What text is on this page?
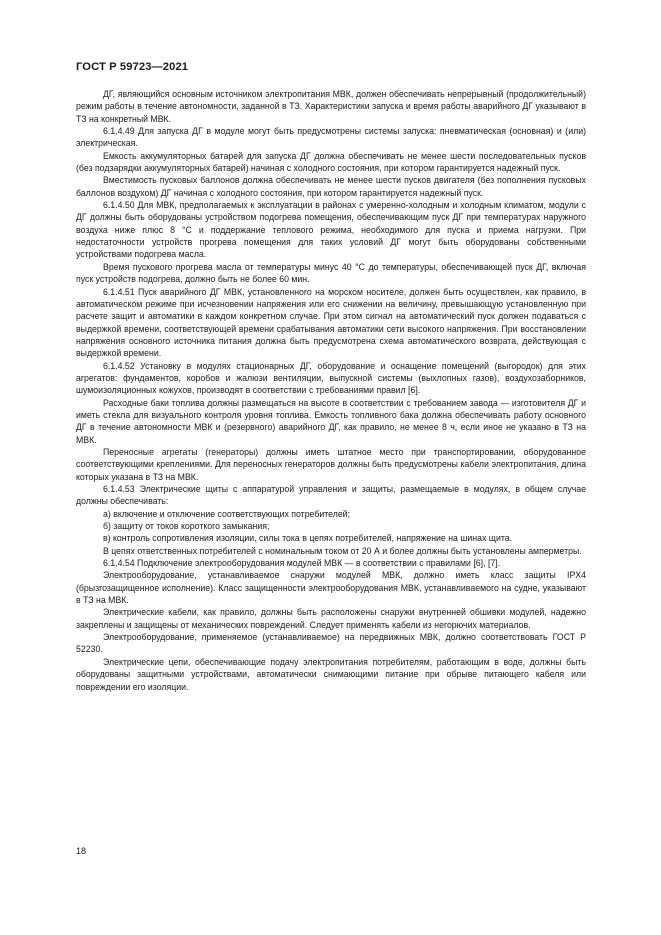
ГОСТ Р 59723—2021

ДГ, являющийся основным источником электропитания МВК, должен обеспечивать непрерывный (продолжительный) режим работы в течение автономности, заданной в ТЗ. Характеристики запуска и время работы аварийного ДГ указывают в ТЗ на конкретный МВК.

6.1.4.49 Для запуска ДГ в модуле могут быть предусмотрены системы запуска: пневматическая (основная) и (или) электрическая.

Емкость аккумуляторных батарей для запуска ДГ должна обеспечивать не менее шести последовательных пусков (без подзарядки аккумуляторных батарей) начиная с холодного состояния, при котором гарантируется надежный пуск.

Вместимость пусковых баллонов должна обеспечивать не менее шести пусков двигателя (без пополнения пусковых баллонов воздухом) ДГ начиная с холодного состояния, при котором гарантируется надежный пуск.

6.1.4.50 Для МВК, предполагаемых к эксплуатации в районах с умеренно-холодным и холодным климатом, модули с ДГ должны быть оборудованы устройством подогрева помещения, обеспечивающим пуск ДГ при температурах наружного воздуха ниже плюс 8 °С и поддержание теплового режима, необходимого для пуска и приема нагрузки. При недостаточности устройств прогрева помещения для таких условий ДГ могут быть оборудованы собственными устройствами подогрева масла.

Время пускового прогрева масла от температуры минус 40 °С до температуры, обеспечивающей пуск ДГ, включая пуск устройств подогрева, должно быть не более 60 мин.

6.1.4.51 Пуск аварийного ДГ МВК, установленного на морском носителе, должен быть осуществлен, как правило, в автоматическом режиме при исчезновении напряжения или его снижении на величину, превышающую установленную при расчете защит и автоматики в каждом конкретном случае. При этом сигнал на автоматический пуск должен подаваться с выдержкой времени, соответствующей времени срабатывания автоматики сети высокого напряжения. При восстановлении напряжения основного источника питания должна быть предусмотрена схема автоматического возврата, действующая с выдержкой времени.

6.1.4.52 Установку в модулях стационарных ДГ, оборудование и оснащение помещений (выгородок) для этих агрегатов: фундаментов, коробов и жалюзи вентиляции, выпускной системы (выхлопных газов), воздухозаборников, шумоизоляционных кожухов, производят в соответствии с требованиями правил [6].

Расходные баки топлива должны размещаться на высоте в соответствии с требованием завода — изготовителя ДГ и иметь стекла для визуального контроля уровня топлива. Емкость топливного бака должна обеспечивать работу основного ДГ в течение автономности МВК и (резервного) аварийного ДГ, как правило, не менее 8 ч, если иное не указано в ТЗ на МВК.

Переносные агрегаты (генераторы) должны иметь штатное место при транспортировании, оборудованное соответствующими креплениями. Для переносных генераторов должны быть предусмотрены кабели электропитания, длина которых указана в ТЗ на МВК.

6.1.4.53 Электрические щиты с аппаратурой управления и защиты, размещаемые в модулях, в общем случае должны обеспечивать:

а) включение и отключение соответствующих потребителей;

б) защиту от токов короткого замыкания;

в) контроль сопротивления изоляции, силы тока в цепях потребителей, напряжение на шинах щита.

В цепях ответственных потребителей с номинальным током от 20 А и более должны быть установлены амперметры.

6.1.4.54 Подключение электрооборудования модулей МВК — в соответствии с правилами [6], [7].

Электрооборудование, устанавливаемое снаружи модулей МВК, должно иметь класс защиты IPX4 (брызгозащищенное исполнение). Класс защищенности электрооборудования МВК, устанавливаемого на судне, указывают в ТЗ на МВК.

Электрические кабели, как правило, должны быть расположены снаружи внутренней обшивки модулей, надежно закреплены и защищены от механических повреждений. Следует применять кабели из негорючих материалов.

Электрооборудование, применяемое (устанавливаемое) на передвижных МВК, должно соответствовать ГОСТ Р 52230.

Электрические цепи, обеспечивающие подачу электропитания потребителям, работающим в воде, должны быть оборудованы защитными устройствами, автоматически снимающими питание при обрыве питающего кабеля или повреждении его изоляции.

18
